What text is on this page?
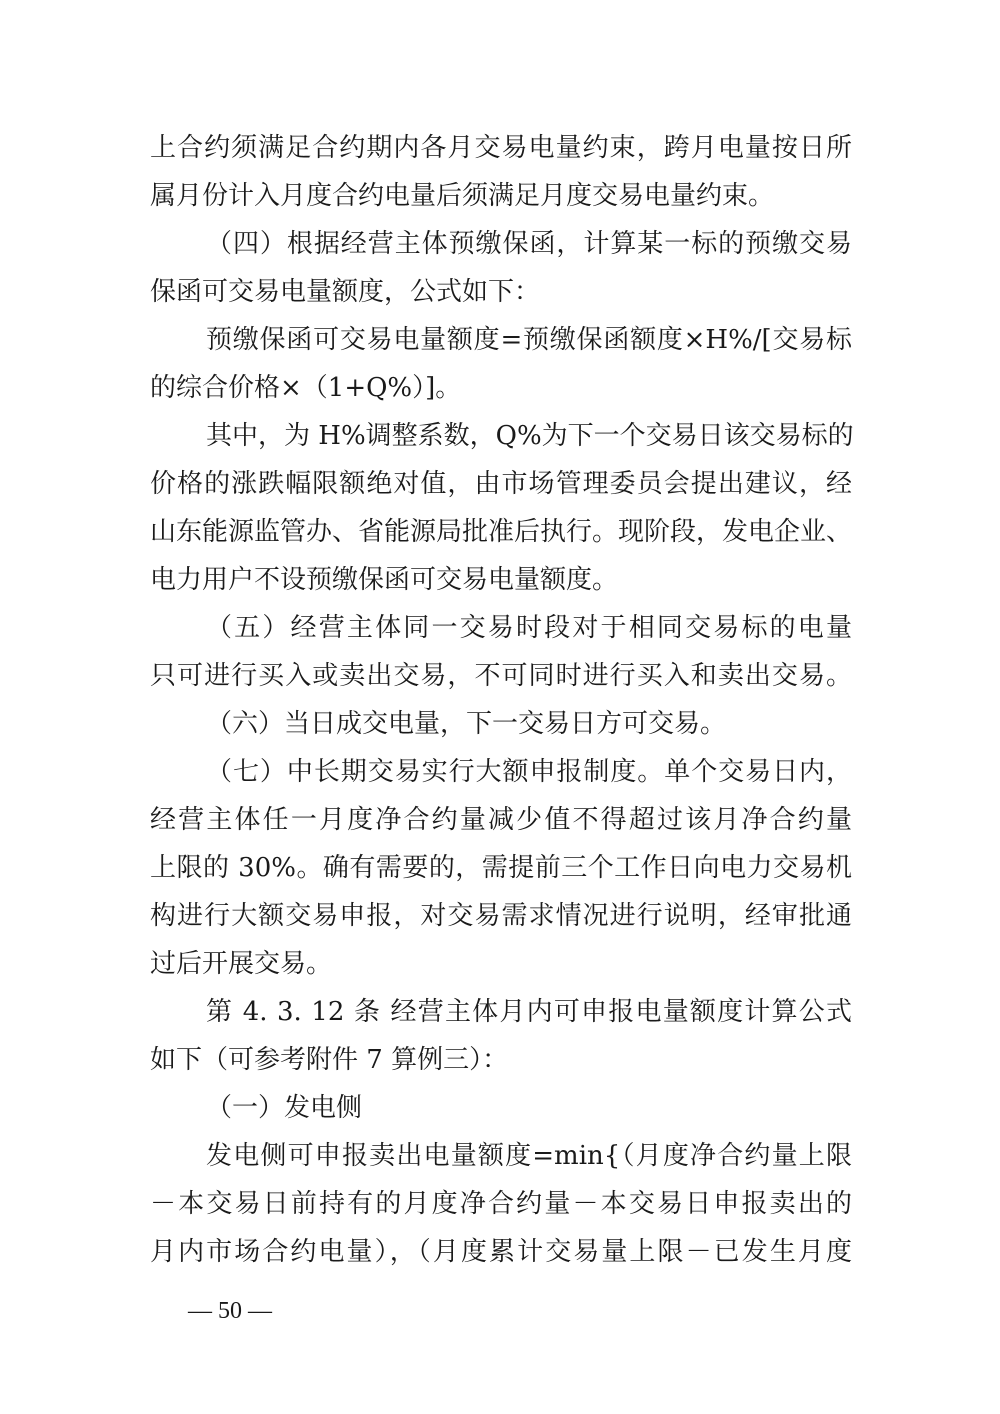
上合约须满足合约期内各月交易电量约束，跨月电量按日所
属月份计入月度合约电量后须满足月度交易电量约束。
（四）根据经营主体预缴保函，计算某一标的预缴交易
保函可交易电量额度，公式如下：
预缴保函可交易电量额度=预缴保函额度×H%/[交易标
的综合价格×（1+Q%）]。
其中，为 H%调整系数，Q%为下一个交易日该交易标的
价格的涨跌幅限额绝对值，由市场管理委员会提出建议，经
山东能源监管办、省能源局批准后执行。现阶段，发电企业、
电力用户不设预缴保函可交易电量额度。
（五）经营主体同一交易时段对于相同交易标的电量
只可进行买入或卖出交易，不可同时进行买入和卖出交易。
（六）当日成交电量，下一交易日方可交易。
（七）中长期交易实行大额申报制度。单个交易日内，
经营主体任一月度净合约量减少值不得超过该月净合约量
上限的 30%。确有需要的，需提前三个工作日向电力交易机
构进行大额交易申报，对交易需求情况进行说明，经审批通
过后开展交易。
第 4. 3. 12 条 经营主体月内可申报电量额度计算公式
如下（可参考附件 7 算例三）：
（一）发电侧
发电侧可申报卖出电量额度=min{（月度净合约量上限
－本交易日前持有的月度净合约量－本交易日申报卖出的
月内市场合约电量），（月度累计交易量上限－已发生月度
— 50 —
